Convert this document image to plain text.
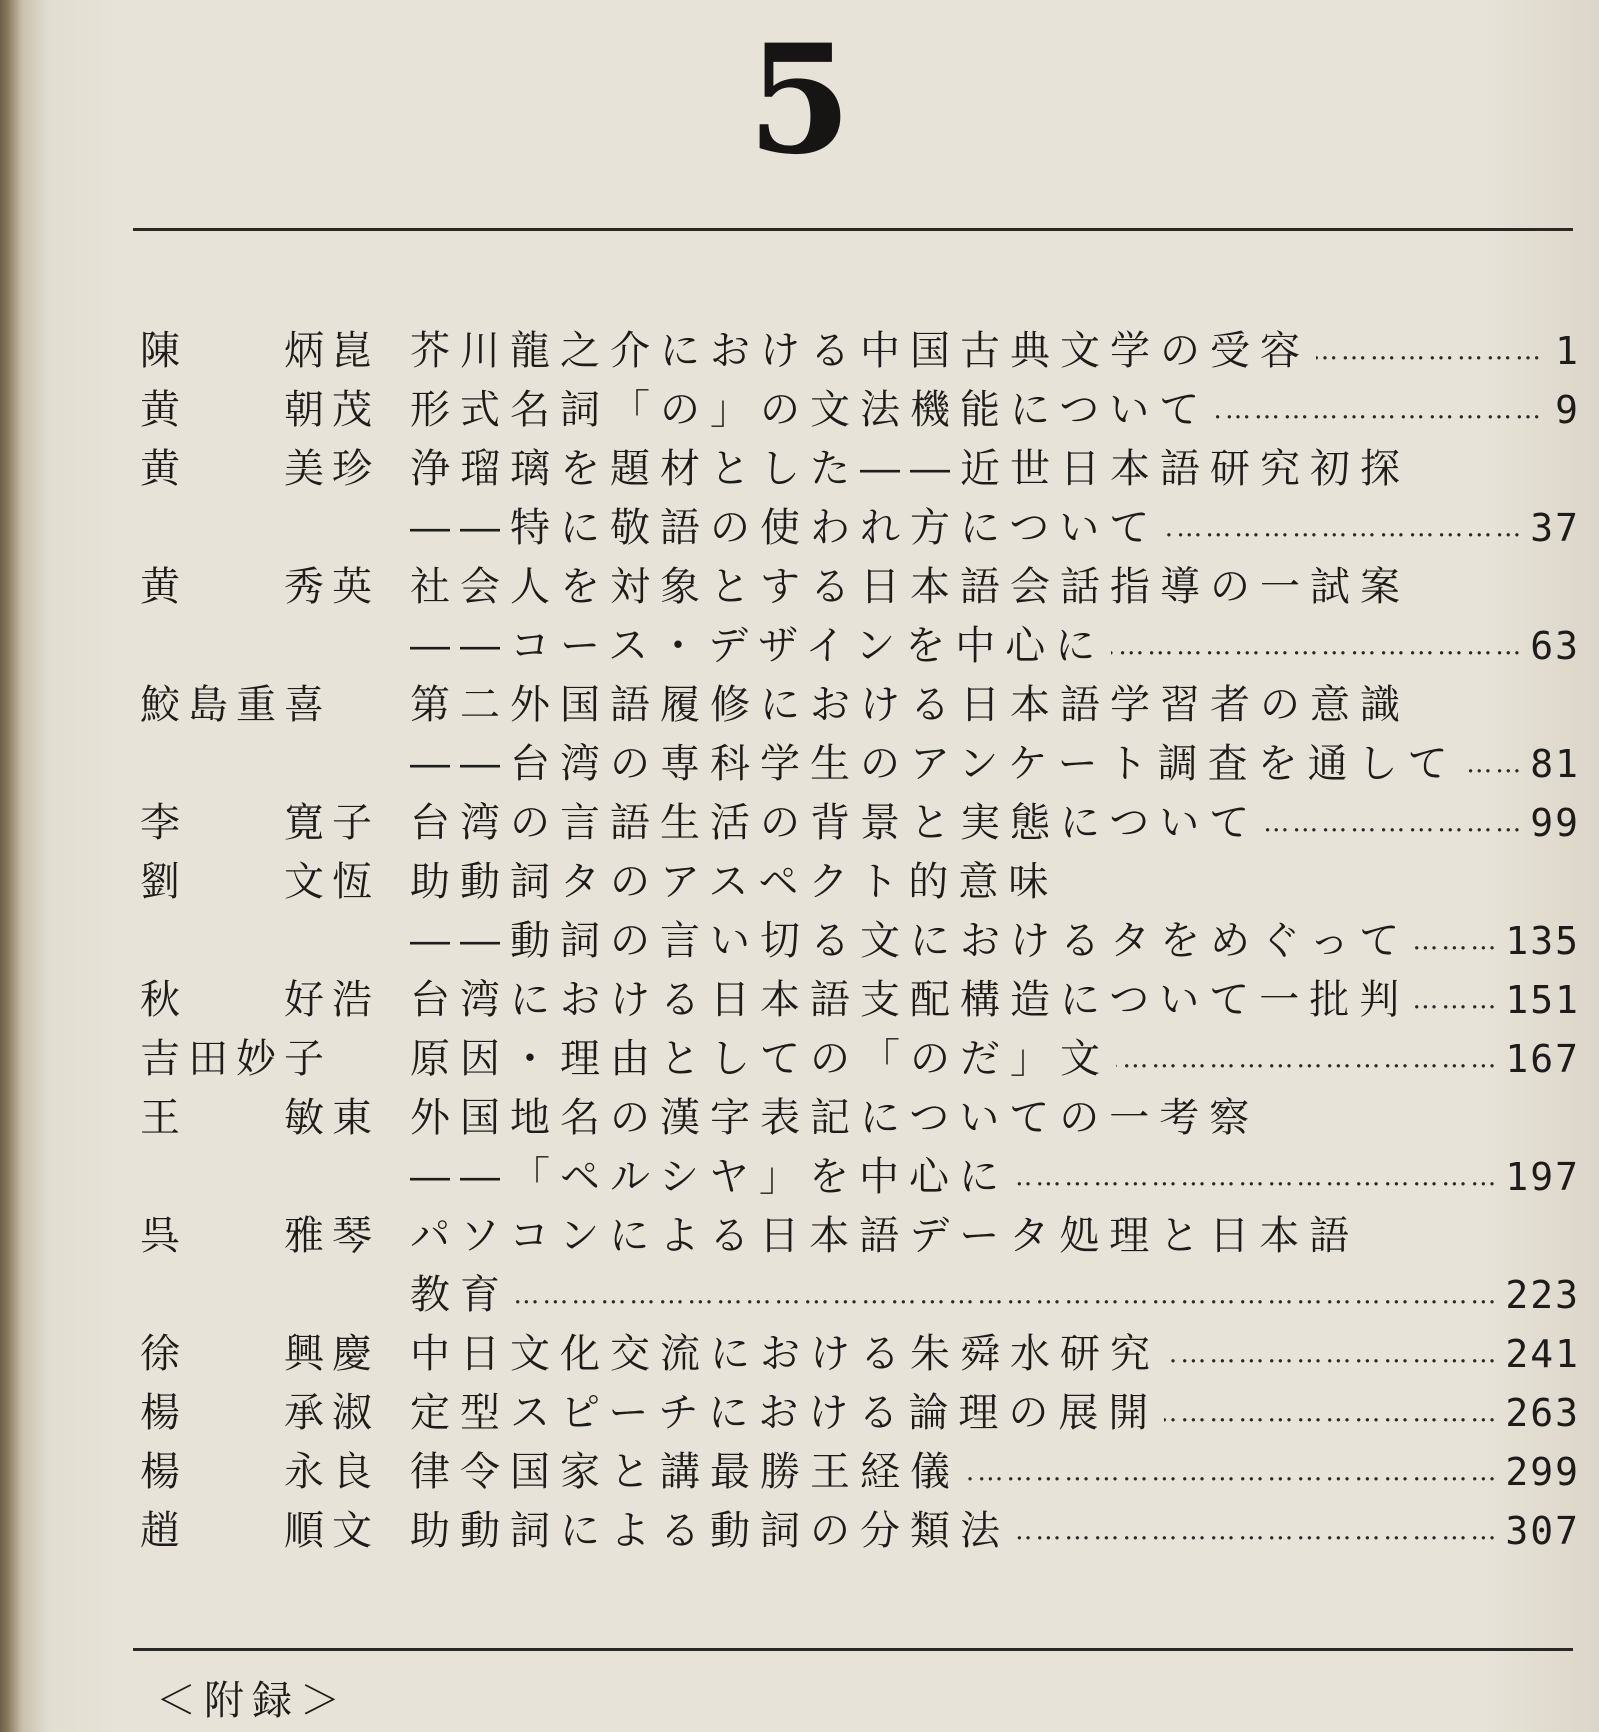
5
陳 炳崑 芥川龍之介における中国古典文学の受容 ……………………………………………………………………………………………………………………	1
黄 朝茂 形式名詞「の」の文法機能について ……………………………………………………………………………………………………………………	9
黄 美珍 浄瑠璃を題材とした――近世日本語研究初探
――特に敬語の使われ方について ……………………………………………………………………………………………………………………	37
黄 秀英 社会人を対象とする日本語会話指導の一試案
――コース・デザインを中心に ……………………………………………………………………………………………………………………	63
鮫島重喜 第二外国語履修における日本語学習者の意識
――台湾の専科学生のアンケート調査を通して …………………………………………………………………………………………………………………… 81
李 寛子 台湾の言語生活の背景と実態について ……………………………………………………………………………………………………………………	99
劉 文恆 助動詞タのアスペクト的意味
――動詞の言い切る文におけるタをめぐって ……………………………………………………………………………………………………………………	135
秋 好浩 台湾における日本語支配構造について一批判 ……………………………………………………………………………………………………………………	151
吉田妙子 原因・理由としての「のだ」文 ……………………………………………………………………………………………………………………	167
王 敏東 外国地名の漢字表記についての一考察
――「ペルシヤ」を中心に ……………………………………………………………………………………………………………………	197
呉 雅琴 パソコンによる日本語データ処理と日本語
教育 ……………………………………………………………………………………………………………………	223
徐 興慶 中日文化交流における朱舜水研究 ……………………………………………………………………………………………………………………	241
楊 承淑 定型スピーチにおける論理の展開 ……………………………………………………………………………………………………………………	263
楊 永良 律令国家と講最勝王経儀 ……………………………………………………………………………………………………………………	299
趙 順文 助動詞による動詞の分類法 ……………………………………………………………………………………………………………………	307
＜附録＞
